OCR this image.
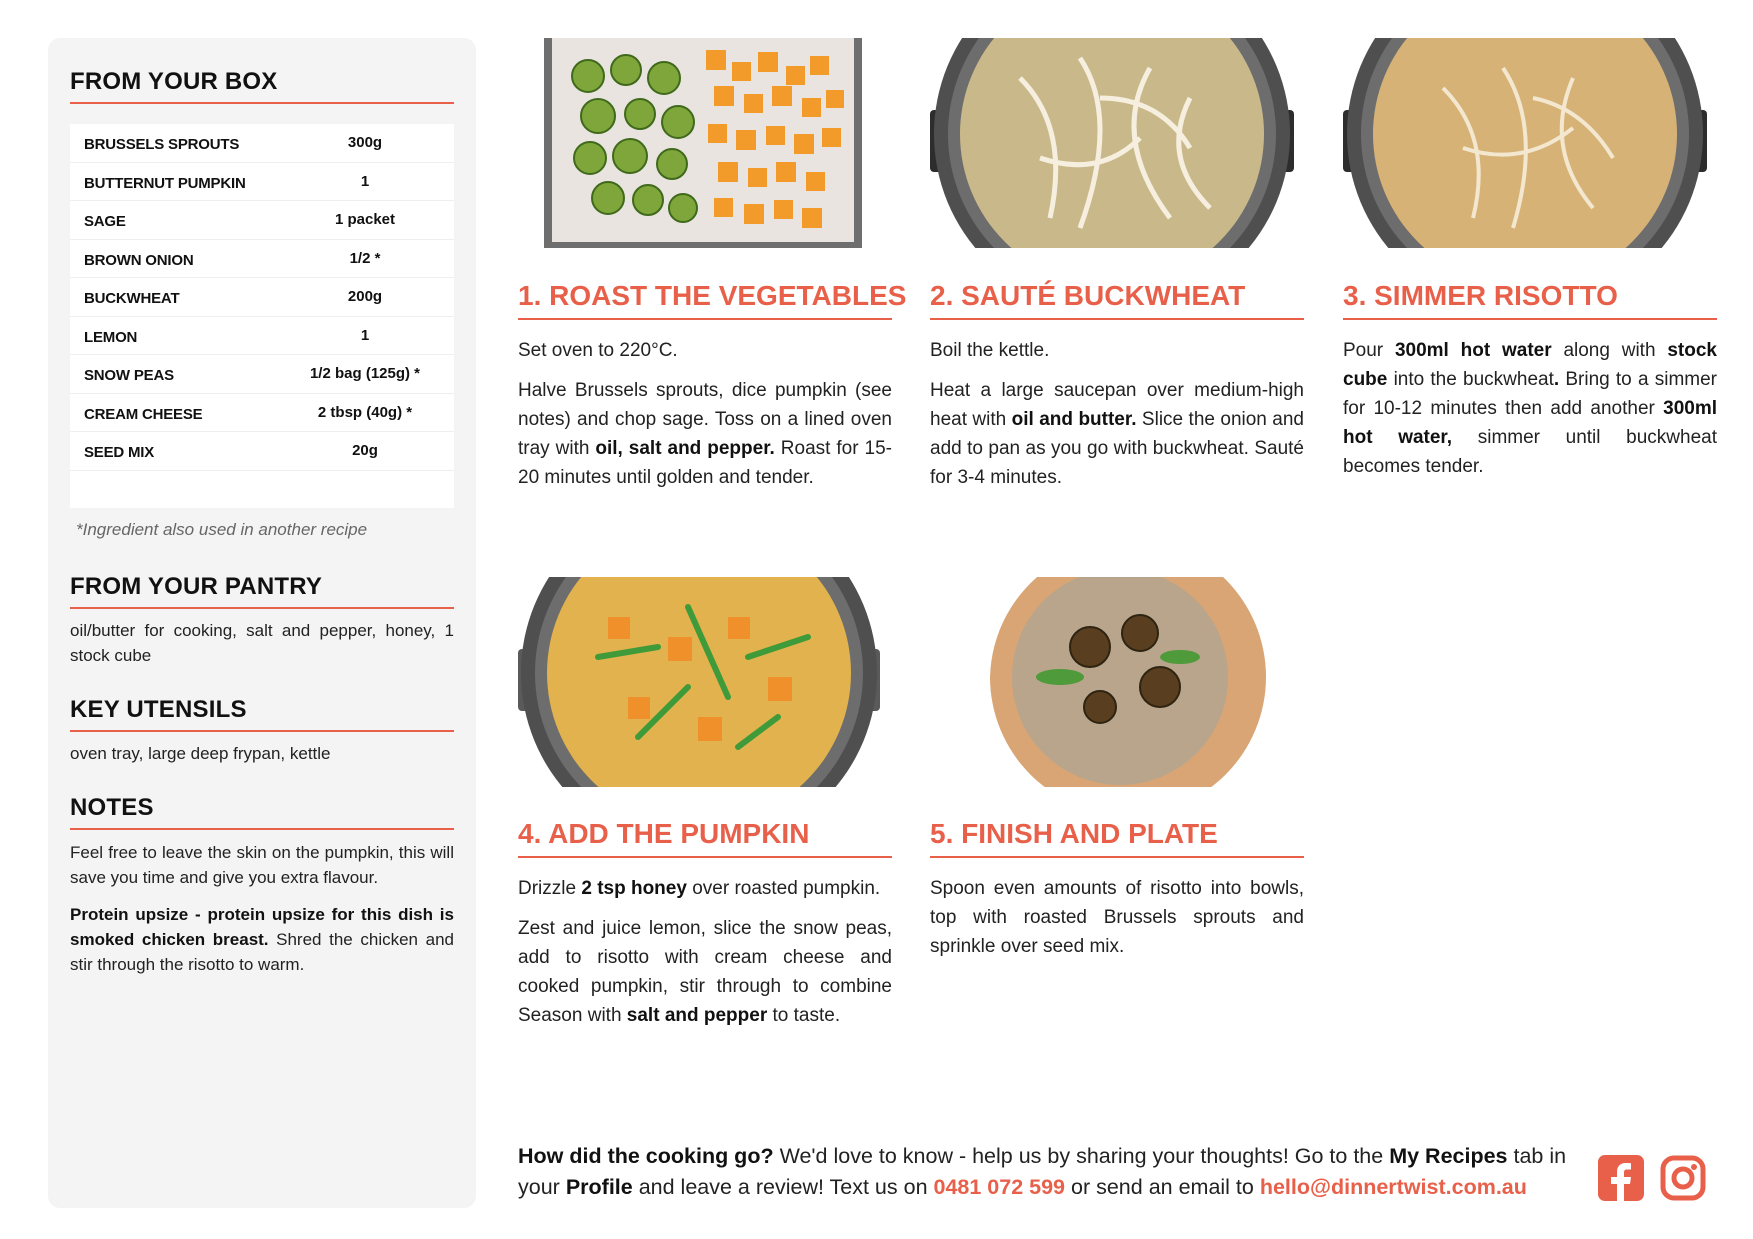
FROM YOUR BOX
BRUSSELS SPROUTS	300g
BUTTERNUT PUMPKIN	1
SAGE	1 packet
BROWN ONION	1/2 *
BUCKWHEAT	200g
LEMON	1
SNOW PEAS	1/2 bag (125g) *
CREAM CHEESE	2 tbsp (40g) *
SEED MIX	20g
*Ingredient also used in another recipe
FROM YOUR PANTRY
oil/butter for cooking, salt and pepper, honey, 1 stock cube
KEY UTENSILS
oven tray, large deep frypan, kettle
NOTES
Feel free to leave the skin on the pumpkin, this will save you time and give you extra flavour.
Protein upsize - protein upsize for this dish is smoked chicken breast. Shred the chicken and stir through the risotto to warm.
1. ROAST THE VEGETABLES
Set oven to 220°C.
Halve Brussels sprouts, dice pumpkin (see notes) and chop sage. Toss on a lined oven tray with oil, salt and pepper. Roast for 15-20 minutes until golden and tender.
2. SAUTÉ BUCKWHEAT
Boil the kettle.
Heat a large saucepan over medium-high heat with oil and butter. Slice the onion and add to pan as you go with buckwheat. Sauté for 3-4 minutes.
3. SIMMER RISOTTO
Pour 300ml hot water along with stock cube into the buckwheat. Bring to a simmer for 10-12 minutes then add another 300ml hot water, simmer until buckwheat becomes tender.
4. ADD THE PUMPKIN
Drizzle 2 tsp honey over roasted pumpkin.
Zest and juice lemon, slice the snow peas, add to risotto with cream cheese and cooked pumpkin, stir through to combine Season with salt and pepper to taste.
5. FINISH AND PLATE
Spoon even amounts of risotto into bowls, top with roasted Brussels sprouts and sprinkle over seed mix.
How did the cooking go? We'd love to know - help us by sharing your thoughts! Go to the My Recipes tab in your Profile and leave a review! Text us on 0481 072 599 or send an email to hello@dinnertwist.com.au
